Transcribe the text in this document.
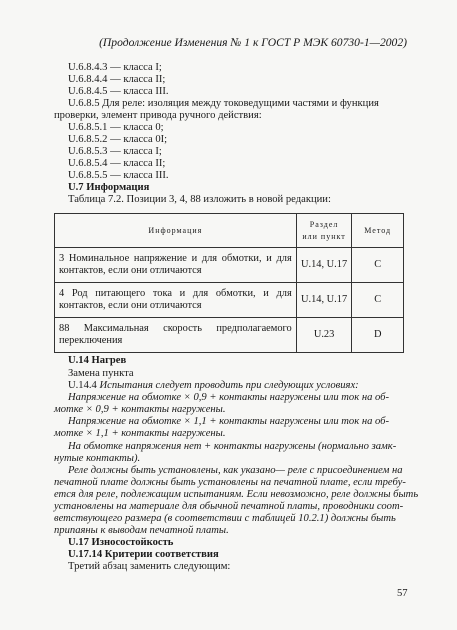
(Продолжение Изменения № 1 к ГОСТ Р МЭК 60730-1—2002)
U.6.8.4.3 — класса I;
U.6.8.4.4 — класса II;
U.6.8.4.5 — класса III.
U.6.8.5 Для реле: изоляция между токоведущими частями и функция
проверки, элемент привода ручного действия:
U.6.8.5.1 — класса 0;
U.6.8.5.2 — класса 0I;
U.6.8.5.3 — класса I;
U.6.8.5.4 — класса II;
U.6.8.5.5 — класса III.
U.7 Информация
Таблица 7.2. Позиции 3, 4, 88 изложить в новой редакции:
Информация	Раздел или пункт	Метод
3 Номинальное напряжение и для обмотки, и для контактов, если они отличаются	U.14, U.17	C
4 Род питающего тока и для обмотки, и для контактов, если они отличаются	U.14, U.17	C
88 Максимальная скорость предполагаемого переключения	U.23	D
U.14 Нагрев
Замена пункта
U.14.4 Испытания следует проводить при следующих условиях:
Напряжение на обмотке × 0,9 + контакты нагружены или ток на об-
мотке × 0,9 + контакты нагружены.
Напряжение на обмотке × 1,1 + контакты нагружены или ток на об-
мотке × 1,1 + контакты нагружены.
На обмотке напряжения нет + контакты нагружены (нормально замк-
нутые контакты).
Реле должны быть установлены, как указано— реле с присоединением на
печатной плате должны быть установлены на печатной плате, если требу-
ется для реле, подлежащим испытаниям. Если невозможно, реле должны быть
установлены на материале для обычной печатной платы, проводники соот-
ветствующего размера (в соответствии с таблицей 10.2.1) должны быть
припаяны к выводам печатной платы.
U.17 Износостойкость
U.17.14 Критерии соответствия
Третий абзац заменить следующим:
57
